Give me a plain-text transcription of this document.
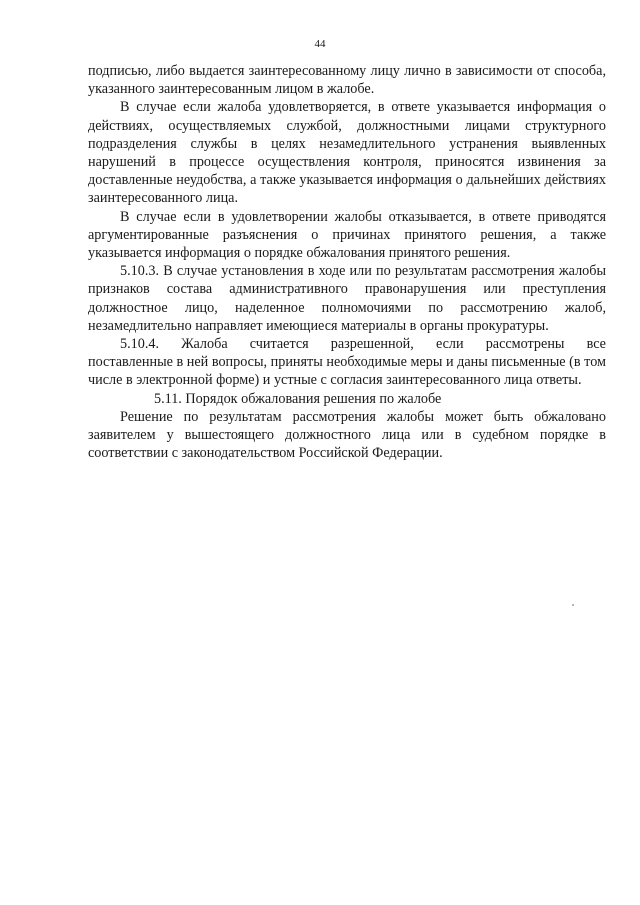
44

подписью, либо выдается заинтересованному лицу лично в зависимости от способа, указанного заинтересованным лицом в жалобе.

В случае если жалоба удовлетворяется, в ответе указывается информация о действиях, осуществляемых службой, должностными лицами структурного подразделения службы в целях незамедлительного устранения выявленных нарушений в процессе осуществления контроля, приносятся извинения за доставленные неудобства, а также указывается информация о дальнейших действиях заинтересованного лица.

В случае если в удовлетворении жалобы отказывается, в ответе приводятся аргументированные разъяснения о причинах принятого решения, а также указывается информация о порядке обжалования принятого решения.

5.10.3. В случае установления в ходе или по результатам рассмотрения жалобы признаков состава административного правонарушения или преступления должностное лицо, наделенное полномочиями по рассмотрению жалоб, незамедлительно направляет имеющиеся материалы в органы прокуратуры.

5.10.4. Жалоба считается разрешенной, если рассмотрены все

поставленные в ней вопросы, приняты необходимые меры и даны письменные (в том числе в электронной форме) и устные с согласия заинтересованного лица ответы.

5.11. Порядок обжалования решения по жалобе

Решение по результатам рассмотрения жалобы может быть обжаловано заявителем у вышестоящего должностного лица или в судебном порядке в соответствии с законодательством Российской Федерации.
